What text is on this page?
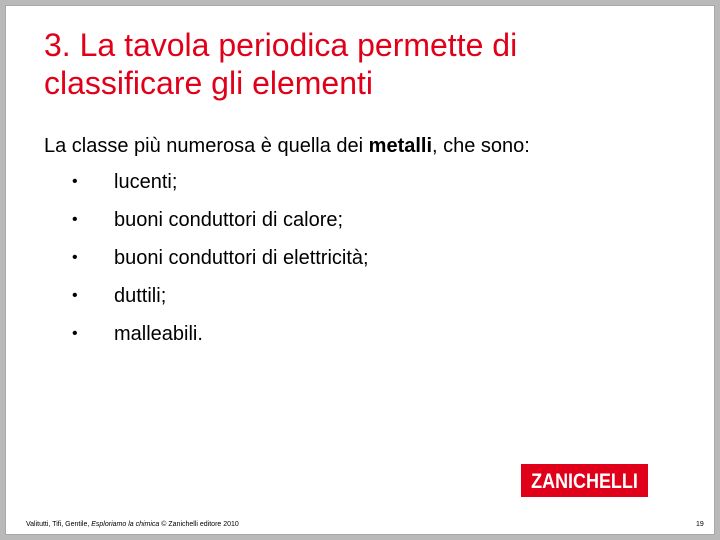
3. La tavola periodica permette di classificare gli elementi

La classe più numerosa è quella dei metalli, che sono:

•	lucenti;
•	buoni conduttori di calore;
•	buoni conduttori di elettricità;
•	duttili;
•	malleabili.
ZANICHELLI
Valitutti, Tifi, Gentile, Esploriamo la chimica © Zanichelli editore 2010	19
